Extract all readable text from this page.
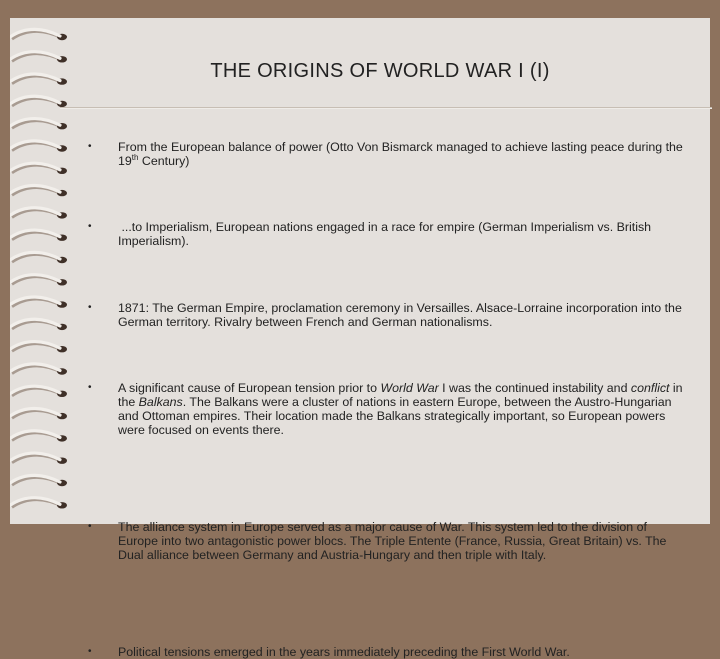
THE ORIGINS OF WORLD WAR I (I)
• From the European balance of power (Otto Von Bismarck managed to achieve lasting peace during the 19th Century)
• ...to Imperialism, European nations engaged in a race for empire (German Imperialism vs. British Imperialism).
• 1871: The German Empire, proclamation ceremony in Versailles. Alsace-Lorraine incorporation into the German territory. Rivalry between French and German nationalisms.
• A significant cause of European tension prior to World War I was the continued instability and conflict in the Balkans. The Balkans were a cluster of nations in eastern Europe, between the Austro-Hungarian and Ottoman empires. Their location made the Balkans strategically important, so European powers were focused on events there.
• The alliance system in Europe served as a major cause of War. This system led to the division of Europe into two antagonistic power blocs. The Triple Entente (France, Russia, Great Britain) vs. The Dual alliance between Germany and Austria-Hungary and then triple with Italy.
• Political tensions emerged in the years immediately preceding the First World War.
